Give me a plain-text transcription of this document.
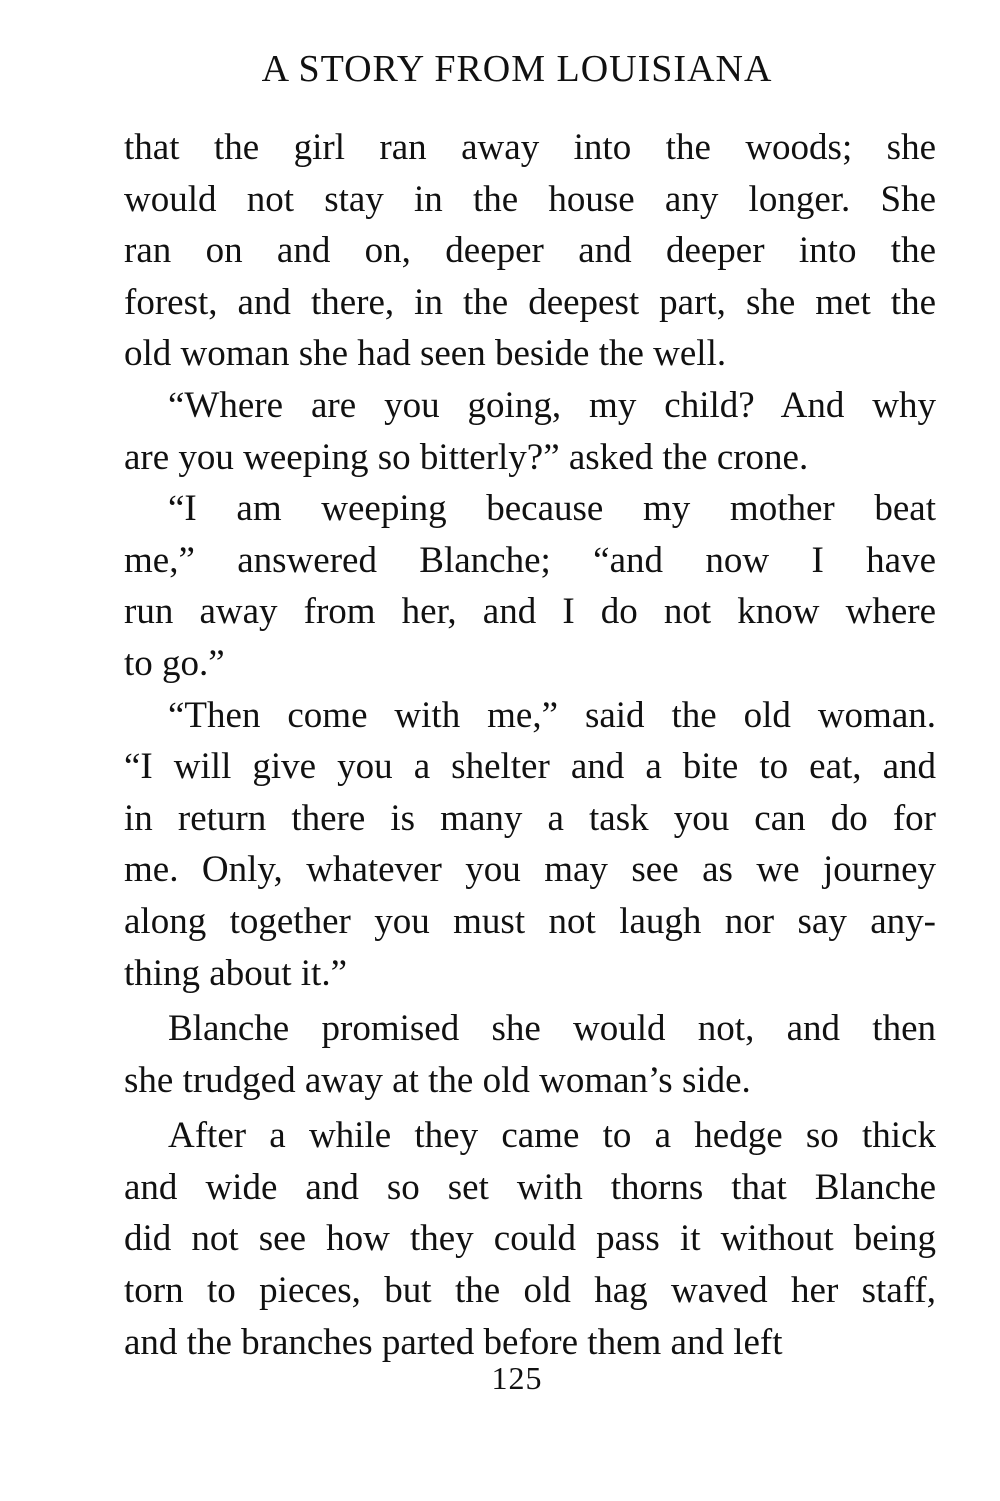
A STORY FROM LOUISIANA
that the girl ran away into the woods; she
would not stay in the house any longer. She
ran on and on, deeper and deeper into the
forest, and there, in the deepest part, she met the
old woman she had seen beside the well.
“Where are you going, my child? And why
are you weeping so bitterly?” asked the crone.
“I am weeping because my mother beat
me,” answered Blanche; “and now I have
run away from her, and I do not know where
to go.”
“Then come with me,” said the old woman.
“I will give you a shelter and a bite to eat, and
in return there is many a task you can do for
me. Only, whatever you may see as we journey
along together you must not laugh nor say any-
thing about it.”
Blanche promised she would not, and then
she trudged away at the old woman’s side.
After a while they came to a hedge so thick
and wide and so set with thorns that Blanche
did not see how they could pass it without being
torn to pieces, but the old hag waved her staff,
and the branches parted before them and left
125
